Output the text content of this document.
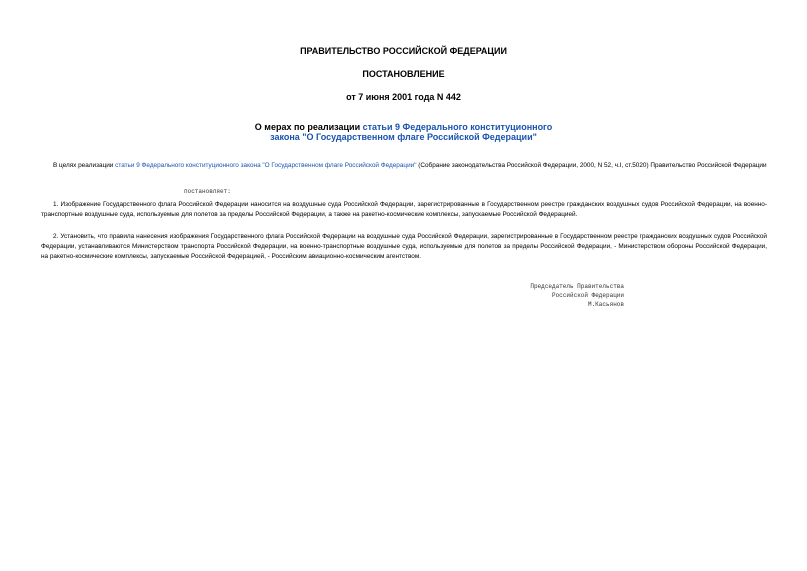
ПРАВИТЕЛЬСТВО РОССИЙСКОЙ ФЕДЕРАЦИИ
ПОСТАНОВЛЕНИЕ
от 7 июня 2001 года N 442
О мерах по реализации статьи 9 Федерального конституционного
закона "О Государственном флаге Российской Федерации"
В целях реализации статьи 9 Федерального конституционного закона "О Государственном флаге Российской Федерации" (Собрание законодательства Российской Федерации, 2000, N 52, ч.I, ст.5020) Правительство Российской Федерации
постановляет:
1. Изображение Государственного флага Российской Федерации наносится на воздушные суда Российской Федерации, зарегистрированные в Государственном реестре гражданских воздушных судов Российской Федерации, на военно-транспортные воздушные суда, используемые для полетов за пределы Российской Федерации, а также на ракетно-космические комплексы, запускаемые Российской Федерацией.
2. Установить, что правила нанесения изображения Государственного флага Российской Федерации на воздушные суда Российской Федерации, зарегистрированные в Государственном реестре гражданских воздушных судов Российской Федерации, устанавливаются Министерством транспорта Российской Федерации, на военно-транспортные воздушные суда, используемые для полетов за пределы Российской Федерации, - Министерством обороны Российской Федерации, на ракетно-космические комплексы, запускаемые Российской Федерацией, - Российским авиационно-космическим агентством.
Председатель Правительства
Российской Федерации
М.Касьянов
